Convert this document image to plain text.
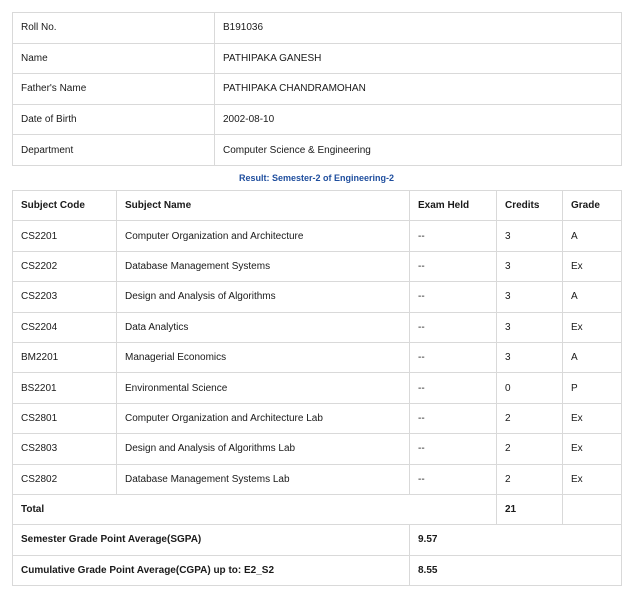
Roll No.	B191036
Name	PATHIPAKA GANESH
Father's Name	PATHIPAKA CHANDRAMOHAN
Date of Birth	2002-08-10
Department	Computer Science & Engineering
Result: Semester-2 of Engineering-2
Subject Code	Subject Name	Exam Held	Credits	Grade
CS2201	Computer Organization and Architecture	--	3	A
CS2202	Database Management Systems	--	3	Ex
CS2203	Design and Analysis of Algorithms	--	3	A
CS2204	Data Analytics	--	3	Ex
BM2201	Managerial Economics	--	3	A
BS2201	Environmental Science	--	0	P
CS2801	Computer Organization and Architecture Lab	--	2	Ex
CS2803	Design and Analysis of Algorithms Lab	--	2	Ex
CS2802	Database Management Systems Lab	--	2	Ex
Total			21	
Semester Grade Point Average(SGPA)		9.57		
Cumulative Grade Point Average(CGPA) up to: E2_S2		8.55		
